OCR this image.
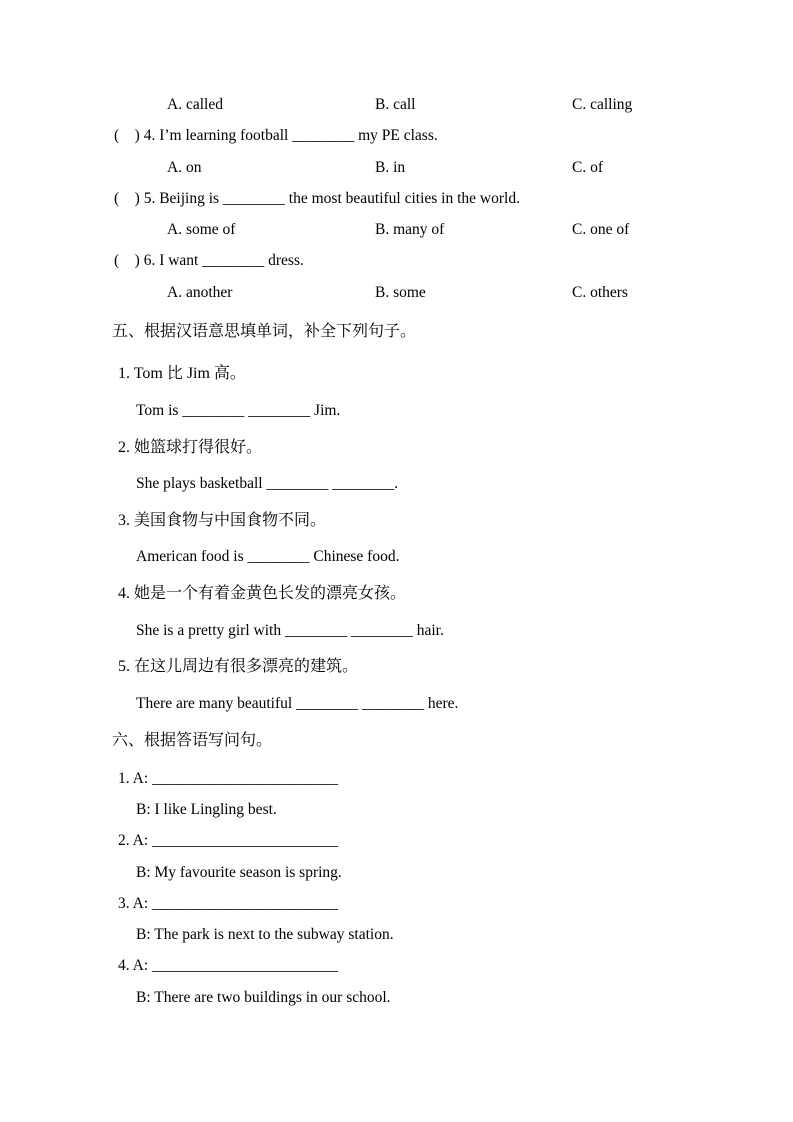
A. called	B. call	C. calling
(    ) 4. I’m learning football ________ my PE class.
A. on	B. in	C. of
(    ) 5. Beijing is ________ the most beautiful cities in the world.
A. some of	B. many of	C. one of
(    ) 6. I want ________ dress.
A. another	B. some	C. others
五、根据汉语意思填单词，补全下列句子。
1. Tom 比 Jim 高。
Tom is ________ ________ Jim.
2. 她篮球打得很好。
She plays basketball ________ ________.
3. 美国食物与中国食物不同。
American food is ________ Chinese food.
4. 她是一个有着金黄色长发的漂亮女孩。
She is a pretty girl with ________ ________ hair.
5. 在这儿周边有很多漂亮的建筑。
There are many beautiful ________ ________ here.
六、根据答语写问句。
1. A: ________________________
B: I like Lingling best.
2. A: ________________________
B: My favourite season is spring.
3. A: ________________________
B: The park is next to the subway station.
4. A: ________________________
B: There are two buildings in our school.
